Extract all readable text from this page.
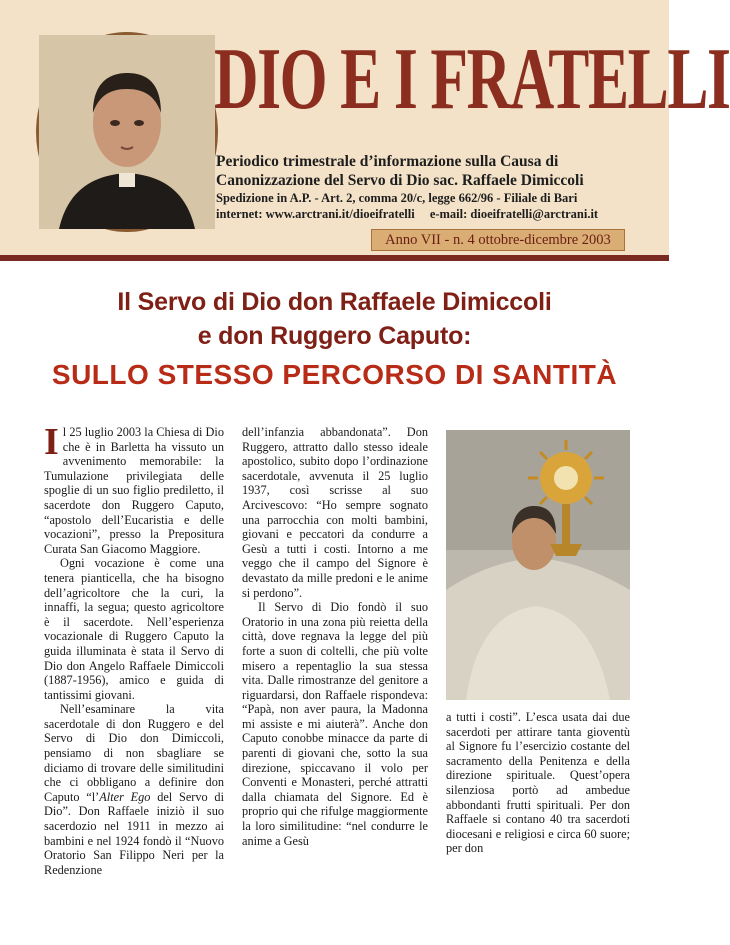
DIO E I FRATELLI
Periodico trimestrale d’informazione sulla Causa di Canonizzazione del Servo di Dio sac. Raffaele Dimiccoli
Spedizione in A.P. - Art. 2, comma 20/c, legge 662/96 - Filiale di Bari
internet: www.arctrani.it/dioeifratelli e-mail: dioeifratelli@arctrani.it
Anno VII - n. 4 ottobre-dicembre 2003
Il Servo di Dio don Raffaele Dimiccoli
e don Ruggero Caputo:
SULLO STESSO PERCORSO DI SANTITÀ

Il 25 luglio 2003 la Chiesa di Dio che è in Barletta ha vissuto un avvenimento memorabile: la Tumulazione privilegiata delle spoglie di un suo figlio prediletto, il sacerdote don Ruggero Caputo, “apostolo dell’Eucaristia e delle vocazioni”, presso la Prepositura Curata San Giacomo Maggiore.

Ogni vocazione è come una tenera pianticella, che ha bisogno dell’agricoltore che la curi, la innaffi, la segua; questo agricoltore è il sacerdote. Nell’esperienza vocazionale di Ruggero Caputo la guida illuminata è stata il Servo di Dio don Angelo Raffaele Dimiccoli (1887-1956), amico e guida di tantissimi giovani.

Nell’esaminare la vita sacerdotale di don Ruggero e del Servo di Dio don Dimiccoli, pensiamo di non sbagliare se diciamo di trovare delle similitudini che ci obbligano a definire don Caputo “l’Alter Ego del Servo di Dio”. Don Raffaele iniziò il suo sacerdozio nel 1911 in mezzo ai bambini e nel 1924 fondò il “Nuovo Oratorio San Filippo Neri per la Redenzione

dell’infanzia abbandonata”. Don Ruggero, attratto dallo stesso ideale apostolico, subito dopo l’ordinazione sacerdotale, avvenuta il 25 luglio 1937, così scrisse al suo Arcivescovo: “Ho sempre sognato una parrocchia con molti bambini, giovani e peccatori da condurre a Gesù a tutti i costi. Intorno a me veggo che il campo del Signore è devastato da mille predoni e le anime si perdono”.

Il Servo di Dio fondò il suo Oratorio in una zona più reietta della città, dove regnava la legge del più forte a suon di coltelli, che più volte misero a repentaglio la sua stessa vita. Dalle rimostranze del genitore a riguardarsi, don Raffaele rispondeva: “Papà, non aver paura, la Madonna mi assiste e mi aiuterà”. Anche don Caputo conobbe minacce da parte di parenti di giovani che, sotto la sua direzione, spiccavano il volo per Conventi e Monasteri, perché attratti dalla chiamata del Signore. Ed è proprio qui che rifulge maggiormente la loro similitudine: “nel condurre le anime a Gesù

a tutti i costi”. L’esca usata dai due sacerdoti per attirare tanta gioventù al Signore fu l’esercizio costante del sacramento della Penitenza e della direzione spirituale. Quest’opera silenziosa portò ad ambedue abbondanti frutti spirituali. Per don Raffaele si contano 40 tra sacerdoti diocesani e religiosi e circa 60 suore; per don
